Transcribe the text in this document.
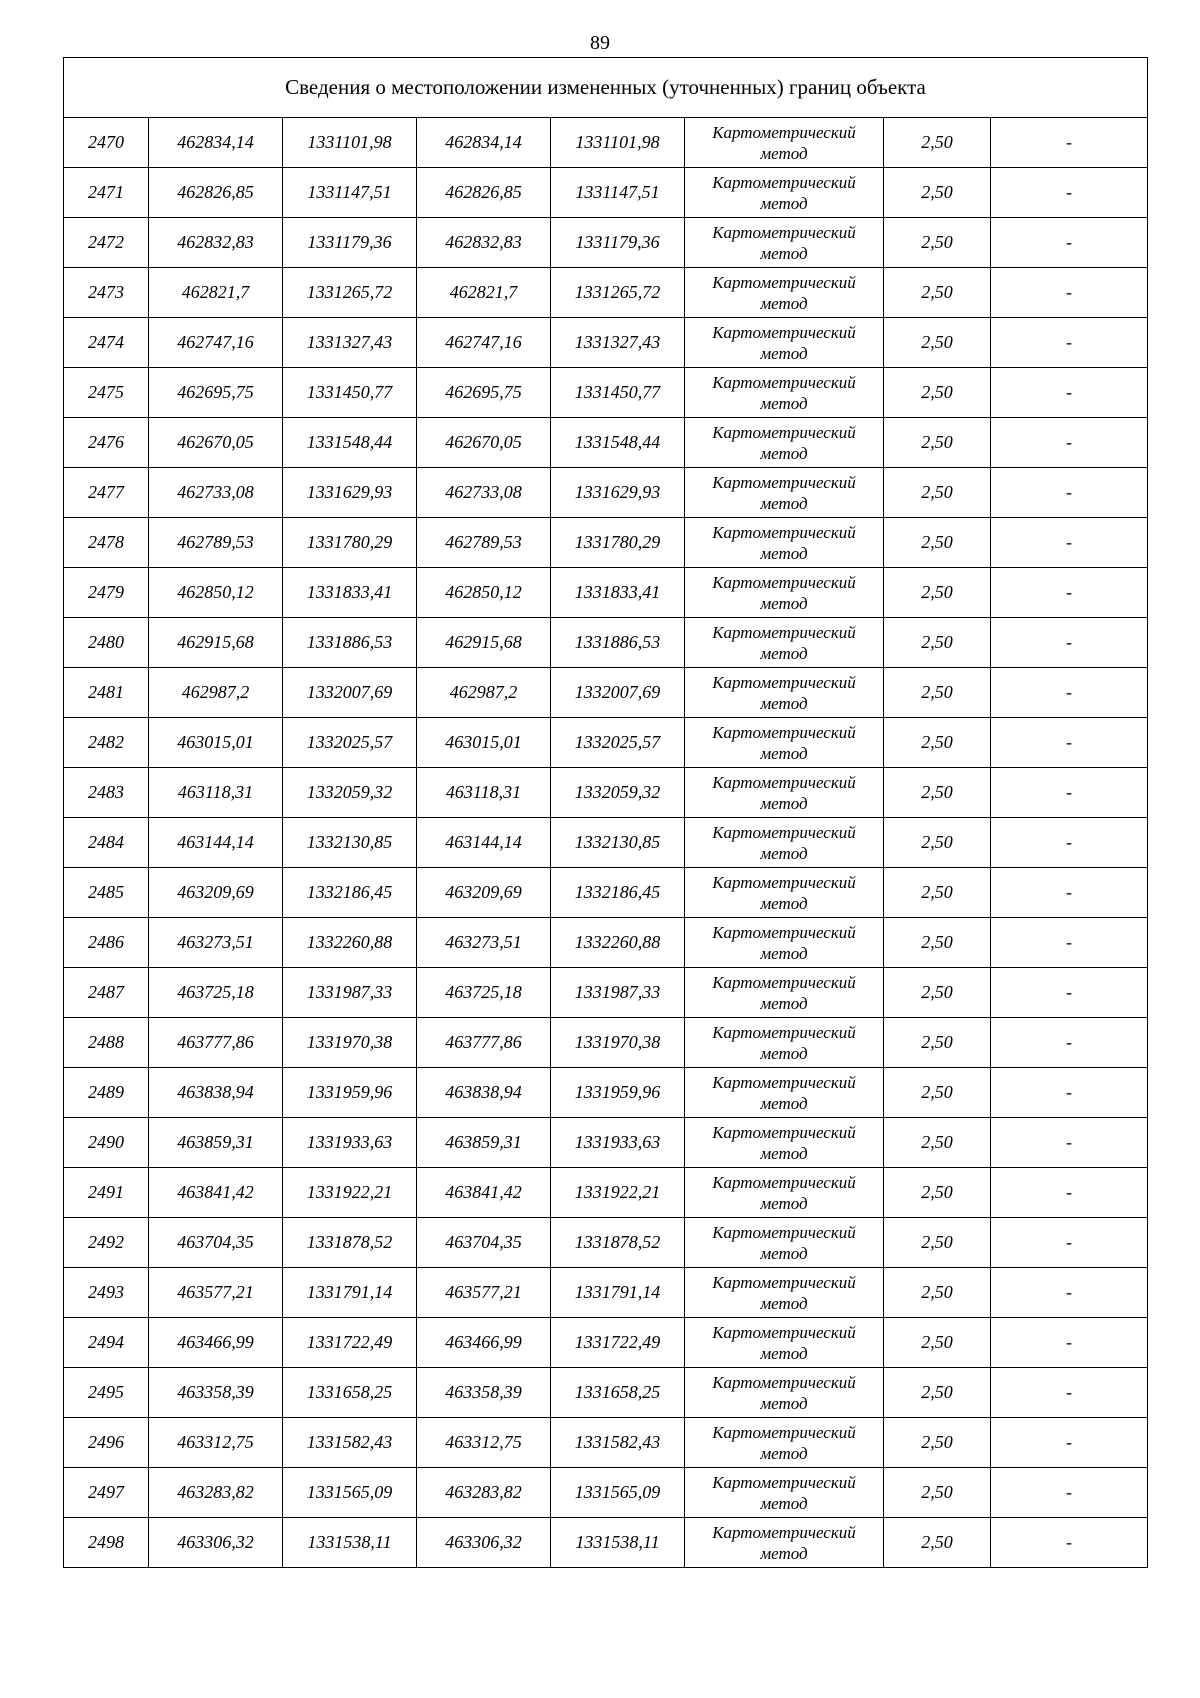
89
Сведения о местоположении измененных (уточненных) границ объекта							
2470	462834,14	1331101,98	462834,14	1331101,98	Картометрический
метод	2,50	-
2471	462826,85	1331147,51	462826,85	1331147,51	Картометрический
метод	2,50	-
2472	462832,83	1331179,36	462832,83	1331179,36	Картометрический
метод	2,50	-
2473	462821,7	1331265,72	462821,7	1331265,72	Картометрический
метод	2,50	-
2474	462747,16	1331327,43	462747,16	1331327,43	Картометрический
метод	2,50	-
2475	462695,75	1331450,77	462695,75	1331450,77	Картометрический
метод	2,50	-
2476	462670,05	1331548,44	462670,05	1331548,44	Картометрический
метод	2,50	-
2477	462733,08	1331629,93	462733,08	1331629,93	Картометрический
метод	2,50	-
2478	462789,53	1331780,29	462789,53	1331780,29	Картометрический
метод	2,50	-
2479	462850,12	1331833,41	462850,12	1331833,41	Картометрический
метод	2,50	-
2480	462915,68	1331886,53	462915,68	1331886,53	Картометрический
метод	2,50	-
2481	462987,2	1332007,69	462987,2	1332007,69	Картометрический
метод	2,50	-
2482	463015,01	1332025,57	463015,01	1332025,57	Картометрический
метод	2,50	-
2483	463118,31	1332059,32	463118,31	1332059,32	Картометрический
метод	2,50	-
2484	463144,14	1332130,85	463144,14	1332130,85	Картометрический
метод	2,50	-
2485	463209,69	1332186,45	463209,69	1332186,45	Картометрический
метод	2,50	-
2486	463273,51	1332260,88	463273,51	1332260,88	Картометрический
метод	2,50	-
2487	463725,18	1331987,33	463725,18	1331987,33	Картометрический
метод	2,50	-
2488	463777,86	1331970,38	463777,86	1331970,38	Картометрический
метод	2,50	-
2489	463838,94	1331959,96	463838,94	1331959,96	Картометрический
метод	2,50	-
2490	463859,31	1331933,63	463859,31	1331933,63	Картометрический
метод	2,50	-
2491	463841,42	1331922,21	463841,42	1331922,21	Картометрический
метод	2,50	-
2492	463704,35	1331878,52	463704,35	1331878,52	Картометрический
метод	2,50	-
2493	463577,21	1331791,14	463577,21	1331791,14	Картометрический
метод	2,50	-
2494	463466,99	1331722,49	463466,99	1331722,49	Картометрический
метод	2,50	-
2495	463358,39	1331658,25	463358,39	1331658,25	Картометрический
метод	2,50	-
2496	463312,75	1331582,43	463312,75	1331582,43	Картометрический
метод	2,50	-
2497	463283,82	1331565,09	463283,82	1331565,09	Картометрический
метод	2,50	-
2498	463306,32	1331538,11	463306,32	1331538,11	Картометрический
метод	2,50	-
